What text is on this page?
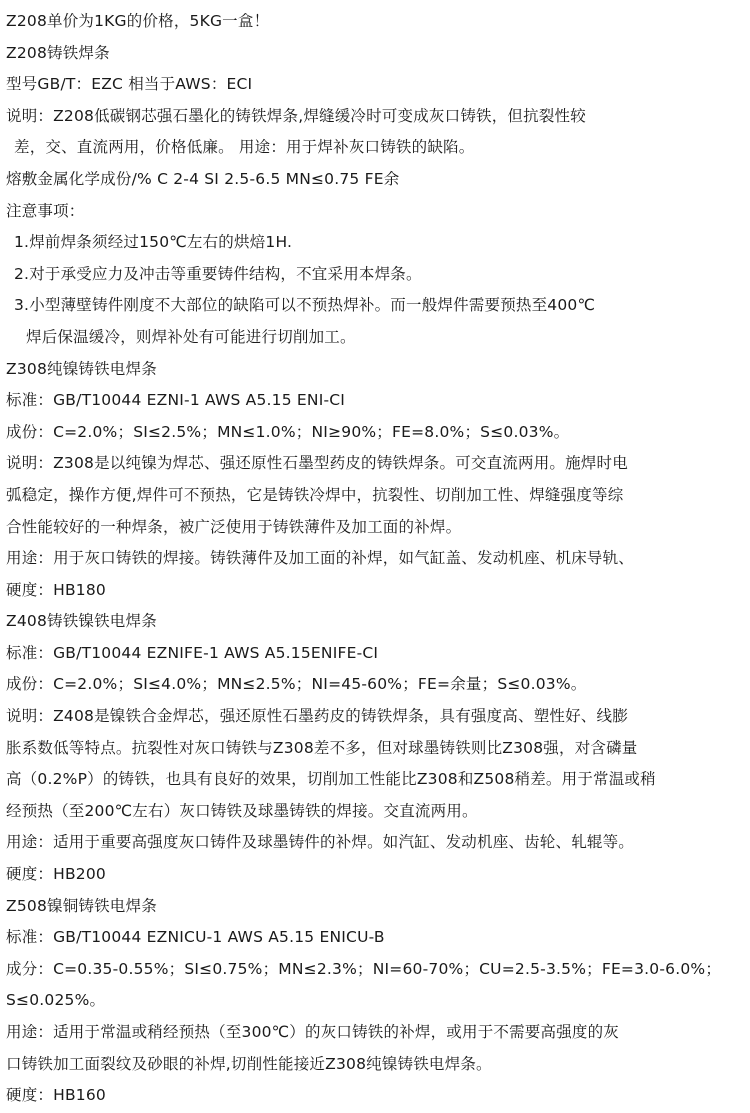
Z208单价为1KG的价格，5KG一盒！
Z208铸铁焊条
型号GB/T：EZC 相当于AWS：ECI
说明：Z208低碳钢芯强石墨化的铸铁焊条,焊缝缓冷时可变成灰口铸铁，但抗裂性较
差，交、直流两用，价格低廉。 用途：用于焊补灰口铸铁的缺陷。
熔敷金属化学成份/% C 2-4 SI 2.5-6.5 MN≤0.75 FE余
注意事项：
1.焊前焊条须经过150℃左右的烘焙1H.
2.对于承受应力及冲击等重要铸件结构，不宜采用本焊条。
3.小型薄壁铸件刚度不大部位的缺陷可以不预热焊补。而一般焊件需要预热至400℃
焊后保温缓冷，则焊补处有可能进行切削加工。
Z308纯镍铸铁电焊条
标准：GB/T10044 EZNI-1 AWS A5.15 ENI-CI
成份：C=2.0%；SI≤2.5%；MN≤1.0%；NI≥90%；FE=8.0%；S≤0.03%。
说明：Z308是以纯镍为焊芯、强还原性石墨型药皮的铸铁焊条。可交直流两用。施焊时电
弧稳定，操作方便,焊件可不预热，它是铸铁冷焊中，抗裂性、切削加工性、焊缝强度等综
合性能较好的一种焊条，被广泛使用于铸铁薄件及加工面的补焊。
用途：用于灰口铸铁的焊接。铸铁薄件及加工面的补焊，如气缸盖、发动机座、机床导轨、
硬度：HB180
Z408铸铁镍铁电焊条
标准：GB/T10044 EZNIFE-1 AWS A5.15ENIFE-CI
成份：C=2.0%；SI≤4.0%；MN≤2.5%；NI=45-60%；FE=余量；S≤0.03%。
说明：Z408是镍铁合金焊芯，强还原性石墨药皮的铸铁焊条，具有强度高、塑性好、线膨
胀系数低等特点。抗裂性对灰口铸铁与Z308差不多，但对球墨铸铁则比Z308强，对含磷量
高（0.2%P）的铸铁，也具有良好的效果，切削加工性能比Z308和Z508稍差。用于常温或稍
经预热（至200℃左右）灰口铸铁及球墨铸铁的焊接。交直流两用。
用途：适用于重要高强度灰口铸件及球墨铸件的补焊。如汽缸、发动机座、齿轮、轧辊等。
硬度：HB200
Z508镍铜铸铁电焊条
标准：GB/T10044 EZNICU-1 AWS A5.15 ENICU-B
成分：C=0.35-0.55%；SI≤0.75%；MN≤2.3%；NI=60-70%；CU=2.5-3.5%；FE=3.0-6.0%；
S≤0.025%。
用途：适用于常温或稍经预热（至300℃）的灰口铸铁的补焊，或用于不需要高强度的灰
口铸铁加工面裂纹及砂眼的补焊,切削性能接近Z308纯镍铸铁电焊条。
硬度：HB160
